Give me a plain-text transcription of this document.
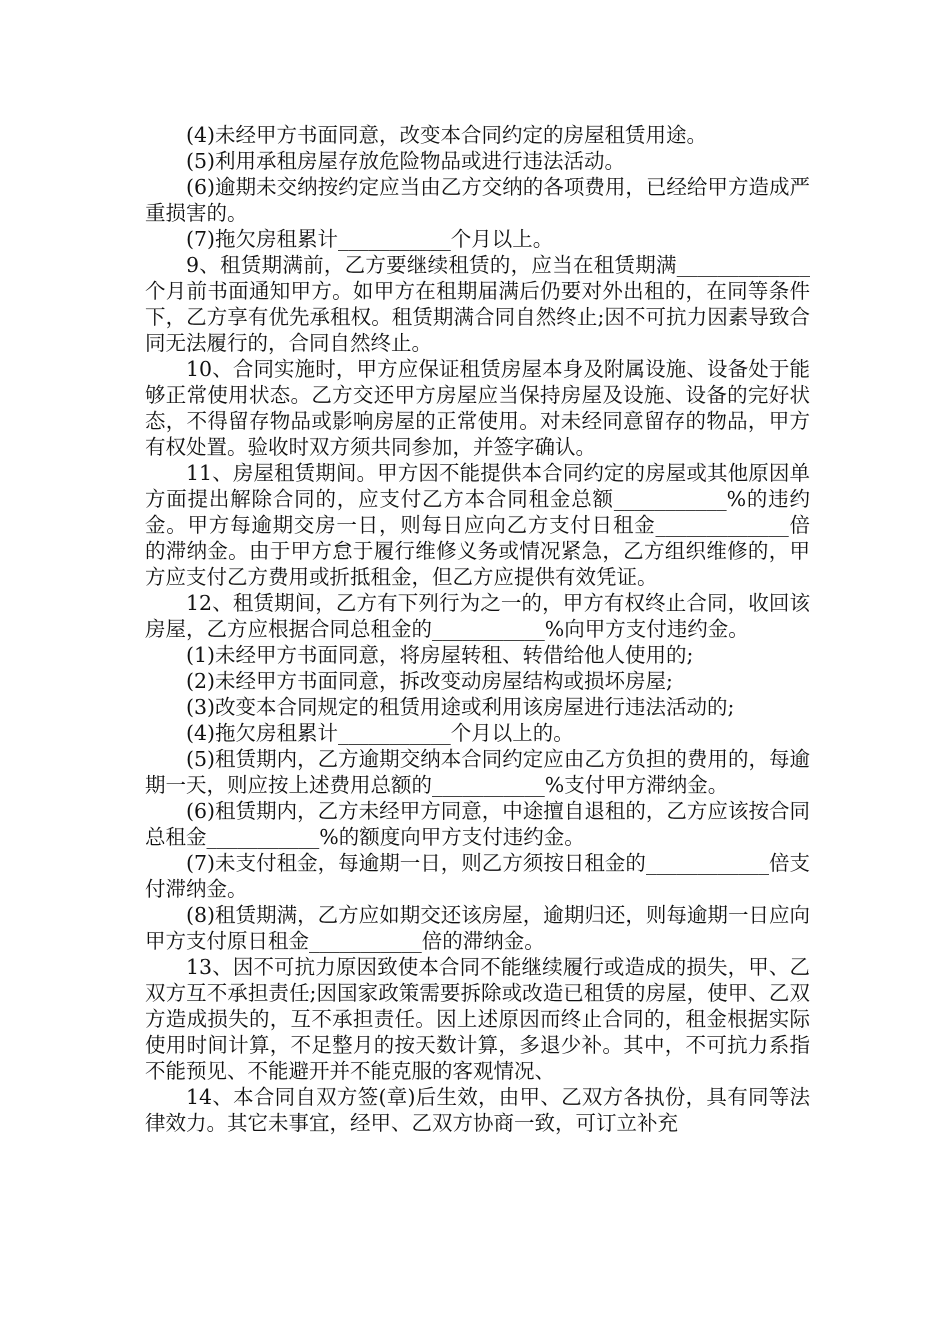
(4)未经甲方书面同意，改变本合同约定的房屋租赁用途。

(5)利用承租房屋存放危险物品或进行违法活动。

(6)逾期未交纳按约定应当由乙方交纳的各项费用，已经给甲方造成严重损害的。

(7)拖欠房租累计___________个月以上。

9、租赁期满前，乙方要继续租赁的，应当在租赁期满_____________个月前书面通知甲方。如甲方在租期届满后仍要对外出租的，在同等条件下，乙方享有优先承租权。租赁期满合同自然终止;因不可抗力因素导致合同无法履行的，合同自然终止。

10、合同实施时，甲方应保证租赁房屋本身及附属设施、设备处于能够正常使用状态。乙方交还甲方房屋应当保持房屋及设施、设备的完好状态，不得留存物品或影响房屋的正常使用。对未经同意留存的物品，甲方有权处置。验收时双方须共同参加，并签字确认。

11、房屋租赁期间。甲方因不能提供本合同约定的房屋或其他原因单方面提出解除合同的，应支付乙方本合同租金总额___________%的违约金。甲方每逾期交房一日，则每日应向乙方支付日租金_____________倍的滞纳金。由于甲方怠于履行维修义务或情况紧急，乙方组织维修的，甲方应支付乙方费用或折抵租金，但乙方应提供有效凭证。

12、租赁期间，乙方有下列行为之一的，甲方有权终止合同，收回该房屋，乙方应根据合同总租金的___________%向甲方支付违约金。

(1)未经甲方书面同意，将房屋转租、转借给他人使用的;

(2)未经甲方书面同意，拆改变动房屋结构或损坏房屋;

(3)改变本合同规定的租赁用途或利用该房屋进行违法活动的;

(4)拖欠房租累计___________个月以上的。

(5)租赁期内，乙方逾期交纳本合同约定应由乙方负担的费用的，每逾期一天，则应按上述费用总额的___________%支付甲方滞纳金。

(6)租赁期内，乙方未经甲方同意，中途擅自退租的，乙方应该按合同总租金___________%的额度向甲方支付违约金。

(7)未支付租金，每逾期一日，则乙方须按日租金的____________倍支付滞纳金。

(8)租赁期满，乙方应如期交还该房屋，逾期归还，则每逾期一日应向甲方支付原日租金___________倍的滞纳金。

13、因不可抗力原因致使本合同不能继续履行或造成的损失，甲、乙双方互不承担责任;因国家政策需要拆除或改造已租赁的房屋，使甲、乙双方造成损失的，互不承担责任。因上述原因而终止合同的，租金根据实际使用时间计算，不足整月的按天数计算，多退少补。其中，不可抗力系指不能预见、不能避开并不能克服的客观情况、

14、本合同自双方签(章)后生效，由甲、乙双方各执份，具有同等法律效力。其它未事宜，经甲、乙双方协商一致，可订立补充
